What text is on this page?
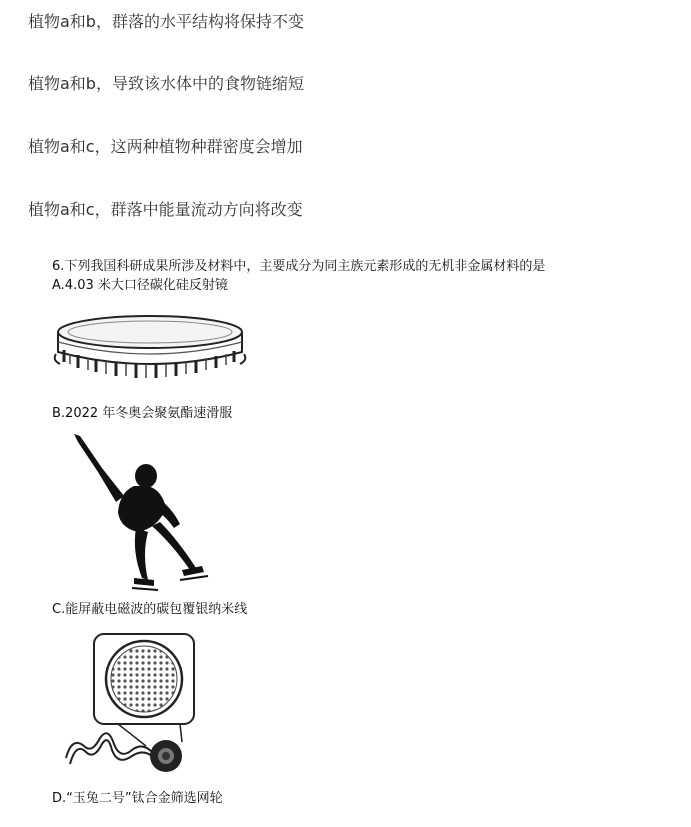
植物a和b，群落的水平结构将保持不变
植物a和b，导致该水体中的食物链缩短
植物a和c，这两种植物种群密度会增加
植物a和c，群落中能量流动方向将改变
6.下列我国科研成果所涉及材料中，主要成分为同主族元素形成的无机非金属材料的是
A.4.03 米大口径碳化硅反射镜
B.2022 年冬奥会聚氨酯速滑服
C.能屏蔽电磁波的碳包覆银纳米线
D.“玉兔二号”钛合金筛选网轮
